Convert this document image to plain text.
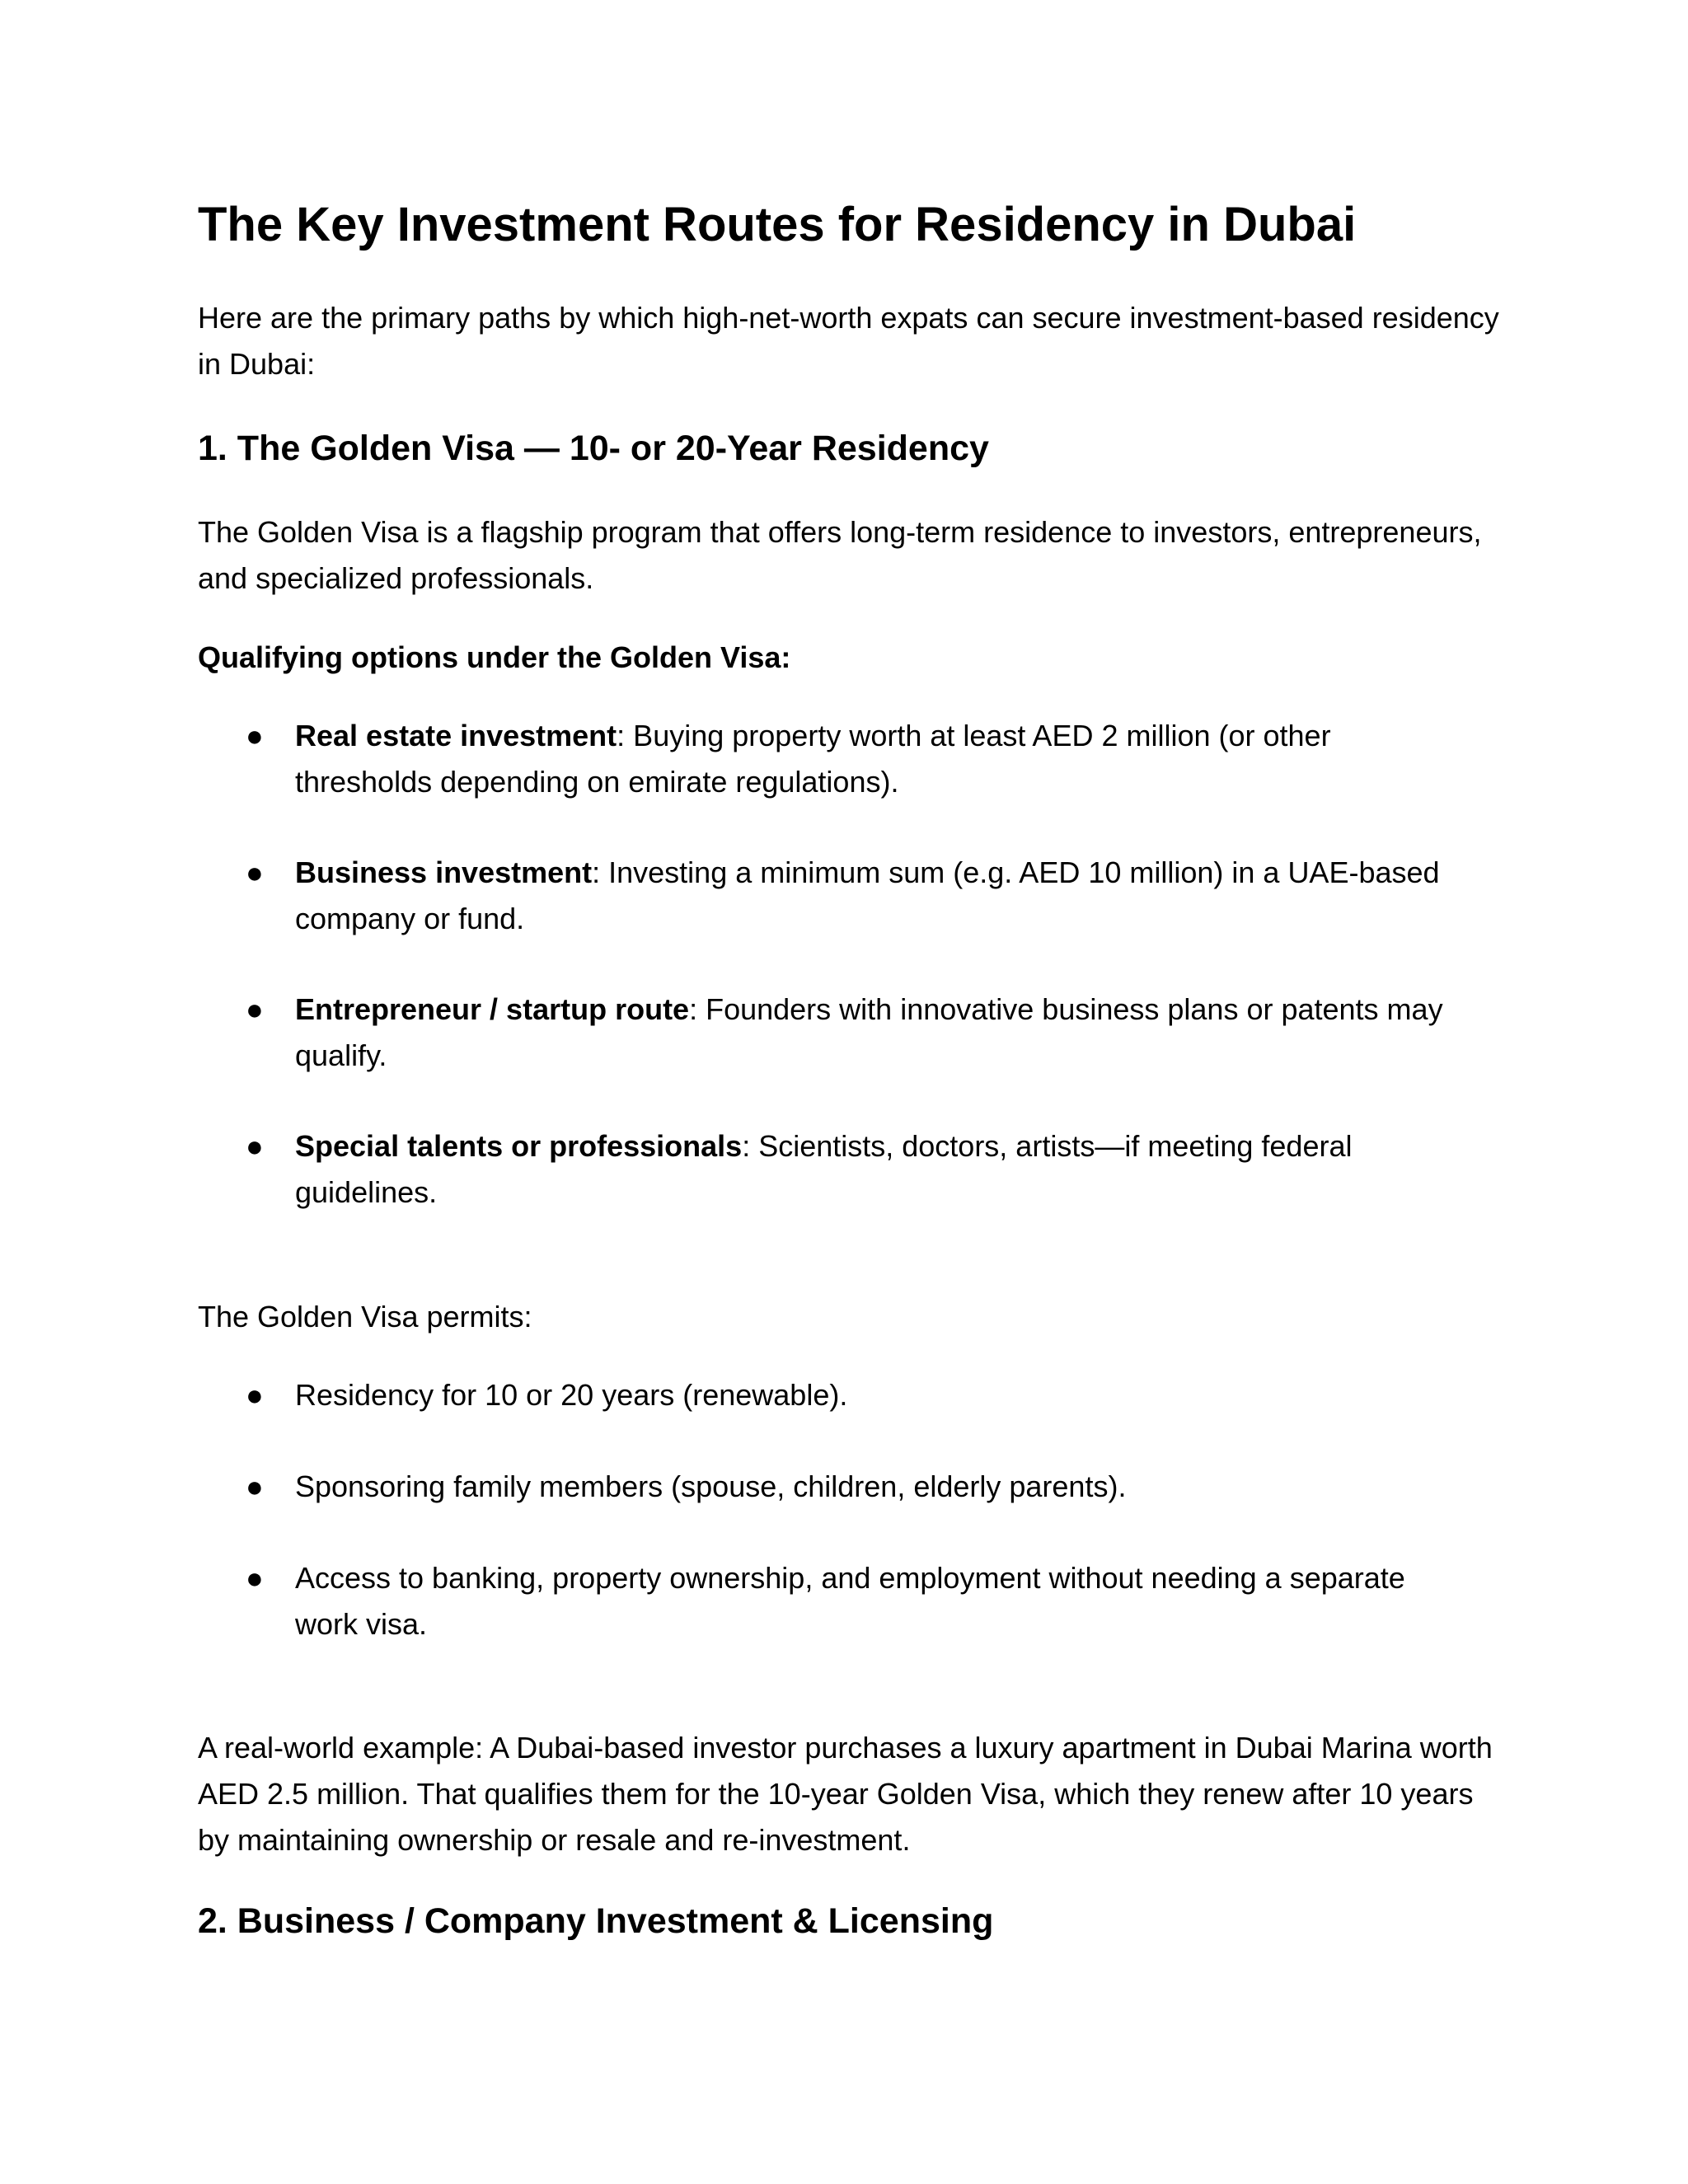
The Key Investment Routes for Residency in Dubai

Here are the primary paths by which high-net-worth expats can secure investment-based residency in Dubai:

1. The Golden Visa — 10- or 20-Year Residency

The Golden Visa is a flagship program that offers long-term residence to investors, entrepreneurs, and specialized professionals.

Qualifying options under the Golden Visa:

●	Real estate investment: Buying property worth at least AED 2 million (or other thresholds depending on emirate regulations).
●	Business investment: Investing a minimum sum (e.g. AED 10 million) in a UAE-based company or fund.
●	Entrepreneur / startup route: Founders with innovative business plans or patents may qualify.
●	Special talents or professionals: Scientists, doctors, artists—if meeting federal guidelines.

The Golden Visa permits:

●	Residency for 10 or 20 years (renewable).
●	Sponsoring family members (spouse, children, elderly parents).
●	Access to banking, property ownership, and employment without needing a separate work visa.

A real-world example: A Dubai-based investor purchases a luxury apartment in Dubai Marina worth AED 2.5 million. That qualifies them for the 10-year Golden Visa, which they renew after 10 years by maintaining ownership or resale and re-investment.

2. Business / Company Investment & Licensing
